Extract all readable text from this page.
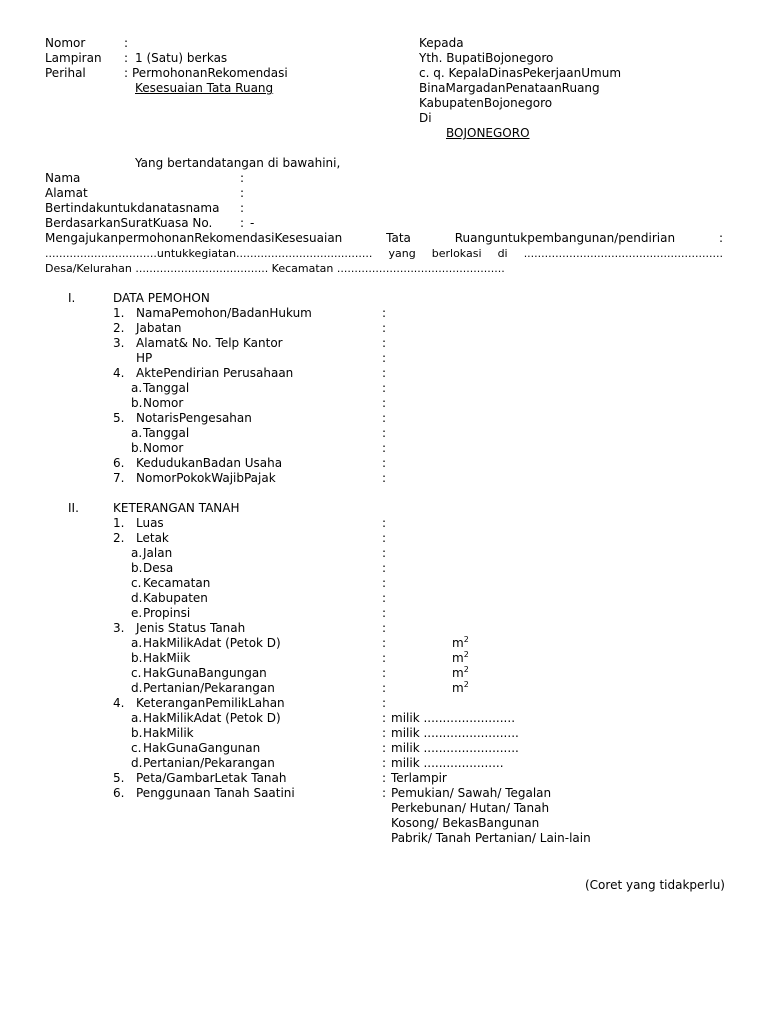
Nomor	:
Lampiran : 1 (Satu) berkas
Perihal	: PermohonanRekomendasi
Kesesuaian Tata Ruang
Kepada
Yth. BupatiBojonegoro
c. q. KepalaDinasPekerjaanUmum
BinaMargadanPenataanRuang
KabupatenBojonegoro
Di
BOJONEGORO
Yang bertandatangan di bawahini,
Nama	:
Alamat	:
Bertindakuntukdanatasnama :
BerdasarkanSuratKuasa No. : -
MengajukanpermohonanRekomendasiKesesuaian	Tata	Ruanguntukpembangunan/pendirian	:
................................untukkegiatan....................................... yang berlokasi di .........................................................
Desa/Kelurahan ...................................... Kecamatan ................................................
I.	DATA PEMOHON
1. NamaPemohon/BadanHukum	:
2. Jabatan	:
3. Alamat& No. Telp Kantor	:
HP	:
4. AktePendirian Perusahaan	:
a. Tanggal	:
b. Nomor	:
5. NotarisPengesahan	:
a. Tanggal	:
b. Nomor	:
6. KedudukanBadan Usaha	:
7. NomorPokokWajibPajak	:
II.	KETERANGAN TANAH
1. Luas	:
2. Letak	:
a. Jalan	:
b. Desa	:
c. Kecamatan	:
d. Kabupaten	:
e. Propinsi	:
3. Jenis Status Tanah	:
a. HakMilikAdat (Petok D)	:	$m^2$
b. HakMiik	:	$m^2$
c. HakGunaBangungan	:	$m^2$
d. Pertanian/Pekarangan	:	$m^2$
4. KeteranganPemilikLahan	:
a. HakMilikAdat (Petok D)	: milik ........................
b. HakMilik	: milik .........................
c. HakGunaGangunan	: milik .........................
d. Pertanian/Pekarangan	: milik .....................
5. Peta/GambarLetak Tanah	: Terlampir
6. Penggunaan Tanah Saatini	: Pemukian/ Sawah/ Tegalan
Perkebunan/ Hutan/ Tanah
Kosong/ BekasBangunan
Pabrik/ Tanah Pertanian/ Lain-lain
(Coret yang tidakperlu)
